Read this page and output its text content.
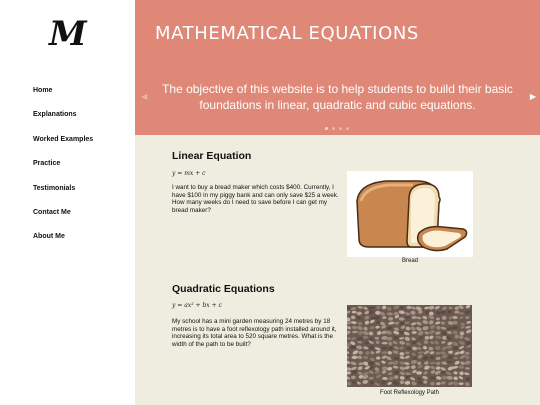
M
Home
Explanations
Worked Examples
Practice
Testimonials
Contact Me
About Me
MATHEMATICAL EQUATIONS
◀

The objective of this website is to help students to build their basic foundations in linear, quadratic and cubic equations.

▶
Linear Equation
y = mx + c

I want to buy a bread maker which costs $400. Currently, I have $100 in my piggy bank and can only save $25 a week. How many weeks do I need to save before I can get my bread maker?

Bread
Quadratic Equations
y = ax² + bx + c

My school has a mini garden measuring 24 metres by 18 metres is to have a foot reflexology path installed around it, increasing its total area to 520 square metres. What is the width of the path to be built?

Foot Reflexology Path
